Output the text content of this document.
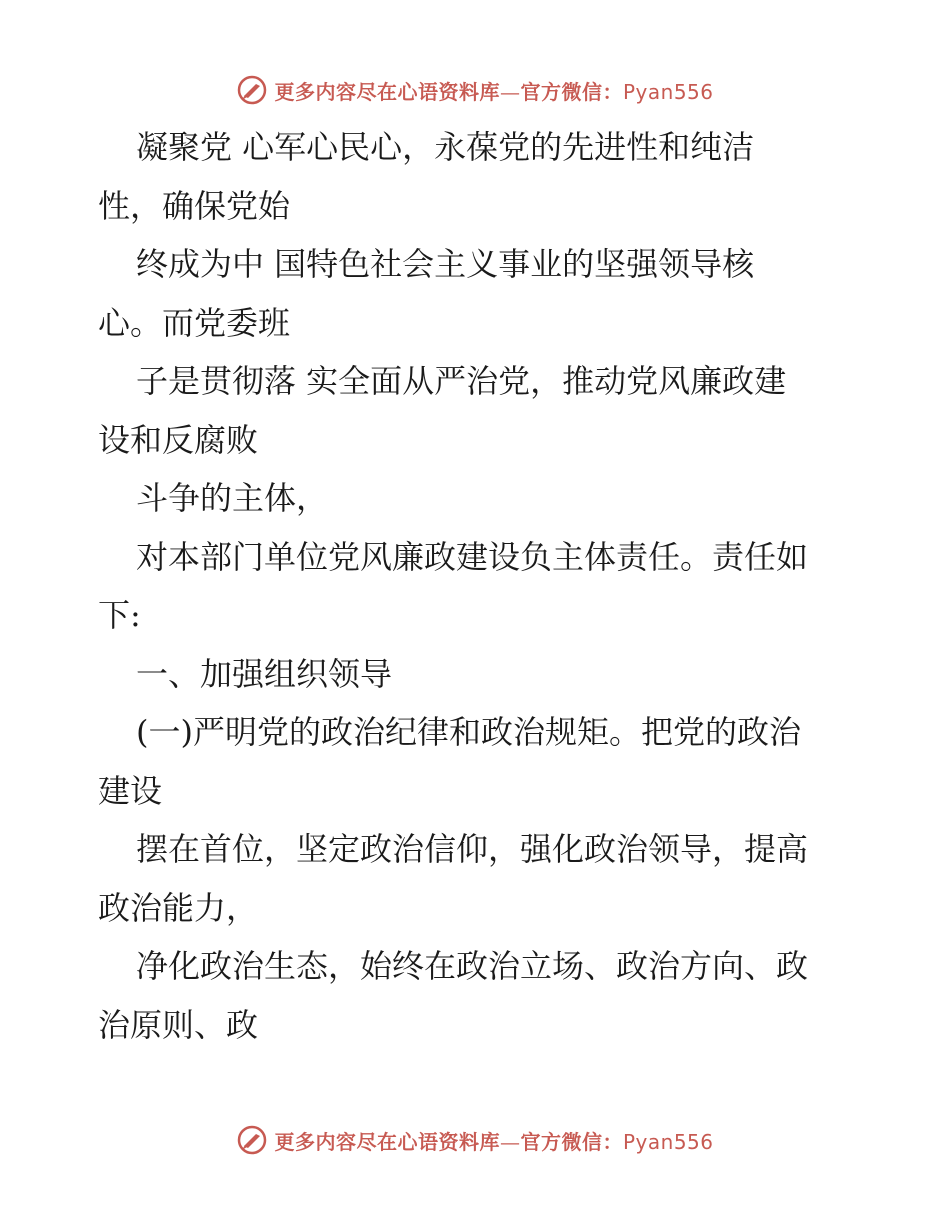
更多内容尽在心语资料库—官方微信：Pyan556
凝聚党 心军心民心，永葆党的先进性和纯洁
性，确保党始
终成为中 国特色社会主义事业的坚强领导核
心。而党委班
子是贯彻落 实全面从严治党，推动党风廉政建
设和反腐败
斗争的主体，
对本部门单位党风廉政建设负主体责任。责任如
下:
一、加强组织领导
(一)严明党的政治纪律和政治规矩。把党的政治
建设
摆在首位，坚定政治信仰，强化政治领导，提高
政治能力，
净化政治生态，始终在政治立场、政治方向、政
治原则、政
更多内容尽在心语资料库—官方微信：Pyan556
